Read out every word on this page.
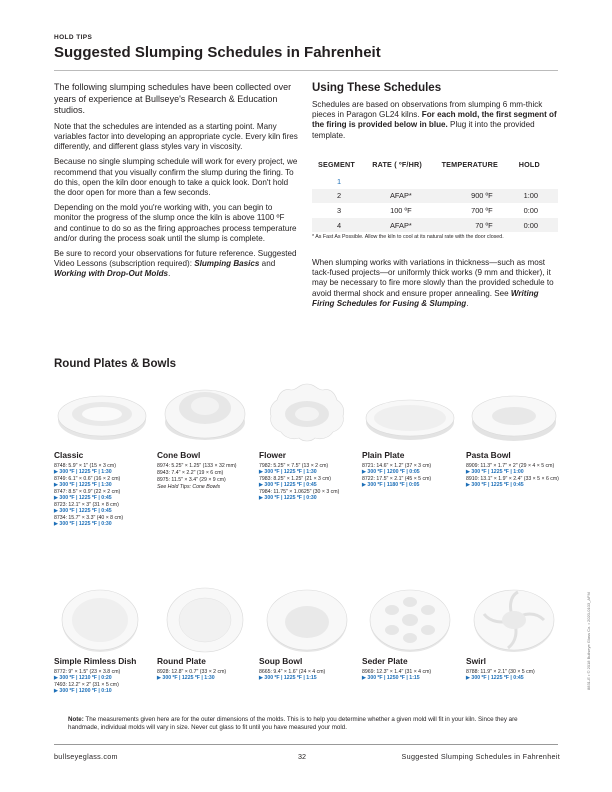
HOLD TIPS
Suggested Slumping Schedules in Fahrenheit

The following slumping schedules have been collected over years of experience at Bullseye's Research & Education studios.

Note that the schedules are intended as a starting point. Many variables factor into developing an appropriate cycle. Every kiln fires differently, and different glass styles vary in viscosity.

Because no single slumping schedule will work for every project, we recommend that you visually confirm the slump during the firing. To do this, open the kiln door enough to take a quick look. Don't hold the door open for more than a few seconds.

Depending on the mold you're working with, you can begin to monitor the progress of the slump once the kiln is above 1100 ºF and continue to do so as the firing approaches process temperature and/or during the process soak until the slump is complete.

Be sure to record your observations for future reference. Suggested Video Lessons (subscription required): Slumping Basics and Working with Drop-Out Molds.

Using These Schedules

Schedules are based on observations from slumping 6 mm-thick pieces in Paragon GL24 kilns. For each mold, the first segment of the firing is provided below in blue. Plug it into the provided template.

SEGMENT	RATE ( ºF/HR)	TEMPERATURE	HOLD
1			
2	AFAP*	900 ºF	1:00
3	100 ºF	700 ºF	0:00
4	AFAP*	70 ºF	0:00
* As Fast As Possible. Allow the kiln to cool at its natural rate with the door closed.

When slumping works with variations in thickness—such as most tack-fused projects—or uniformly thick works (9 mm and thicker), it may be necessary to fire more slowly than the provided schedule to avoid thermal shock and ensure proper annealing. See Writing Firing Schedules for Fusing & Slumping.

Round Plates & Bowls
Classic
8748: 5.9" × 1" (15 × 3 cm)
▶ 300 ºF | 1225 ºF | 1:30
8749: 6.1" × 0.6" (16 × 2 cm)
▶ 300 ºF | 1225 ºF | 1:30
8747: 8.5" × 0.9" (22 × 2 cm)
▶ 300 ºF | 1225 ºF | 0:45
8723: 12.1" × 3" (31 × 8 cm)
▶ 300 ºF | 1225 ºF | 0:45
8734: 15.7" × 3.3" (40 × 8 cm)
▶ 300 ºF | 1225 ºF | 0:30
Cone Bowl
8974: 5.25" × 1.25" (133 × 32 mm)
8943: 7.4" × 2.2" (19 × 6 cm)
8975: 11.5" × 3.4" (29 × 9 cm)
See Hold Tips: Cone Bowls
Flower
7982: 5.25" × 7.5" (13 × 2 cm)
▶ 300 ºF | 1225 ºF | 1:30
7983: 8.25" × 1.25" (21 × 3 cm)
▶ 300 ºF | 1225 ºF | 0:45
7984: 11.75" × 1.0625" (30 × 3 cm)
▶ 300 ºF | 1225 ºF | 0:30
Plain Plate
8721: 14.6" × 1.2" (37 × 3 cm)
▶ 300 ºF | 1200 ºF | 0:05
8722: 17.5" × 2.1" (45 × 5 cm)
▶ 300 ºF | 1180 ºF | 0:05
Pasta Bowl
8909: 11.3" × 1.7" × 2" (29 × 4 × 5 cm)
▶ 300 ºF | 1225 ºF | 1:00
8910: 13.1" × 1.9" × 2.4" (33 × 5 × 6 cm)
▶ 300 ºF | 1225 ºF | 0:45
Simple Rimless Dish
8772: 9" × 1.5" (23 × 3.8 cm)
▶ 300 ºF | 1210 ºF | 0:20
7493: 12.2" × 2" (31 × 5 cm)
▶ 300 ºF | 1200 ºF | 0:10
Round Plate
8928: 12.8" × 0.7" (33 × 2 cm)
▶ 300 ºF | 1225 ºF | 1:30
Soup Bowl
8665: 9.4" × 1.6" (24 × 4 cm)
▶ 300 ºF | 1225 ºF | 1:15
Seder Plate
8969: 12.3" × 1.4" (31 × 4 cm)
▶ 300 ºF | 1250 ºF | 1:15
Swirl
8788: 11.9" × 2.1" (30 × 5 cm)
▶ 300 ºF | 1225 ºF | 0:45
Note: The measurements given here are for the outer dimensions of the molds. This is to help you determine whether a given mold will fit in your kiln. Since they are handmade, individual molds will vary in size. Never cut glass to fit until you have measured your mold.
bullseyeglass.com	32	Suggested Slumping Schedules in Fahrenheit
8831-E • © 2018 Bullseye Glass Co. • 2020-0103_AFM
